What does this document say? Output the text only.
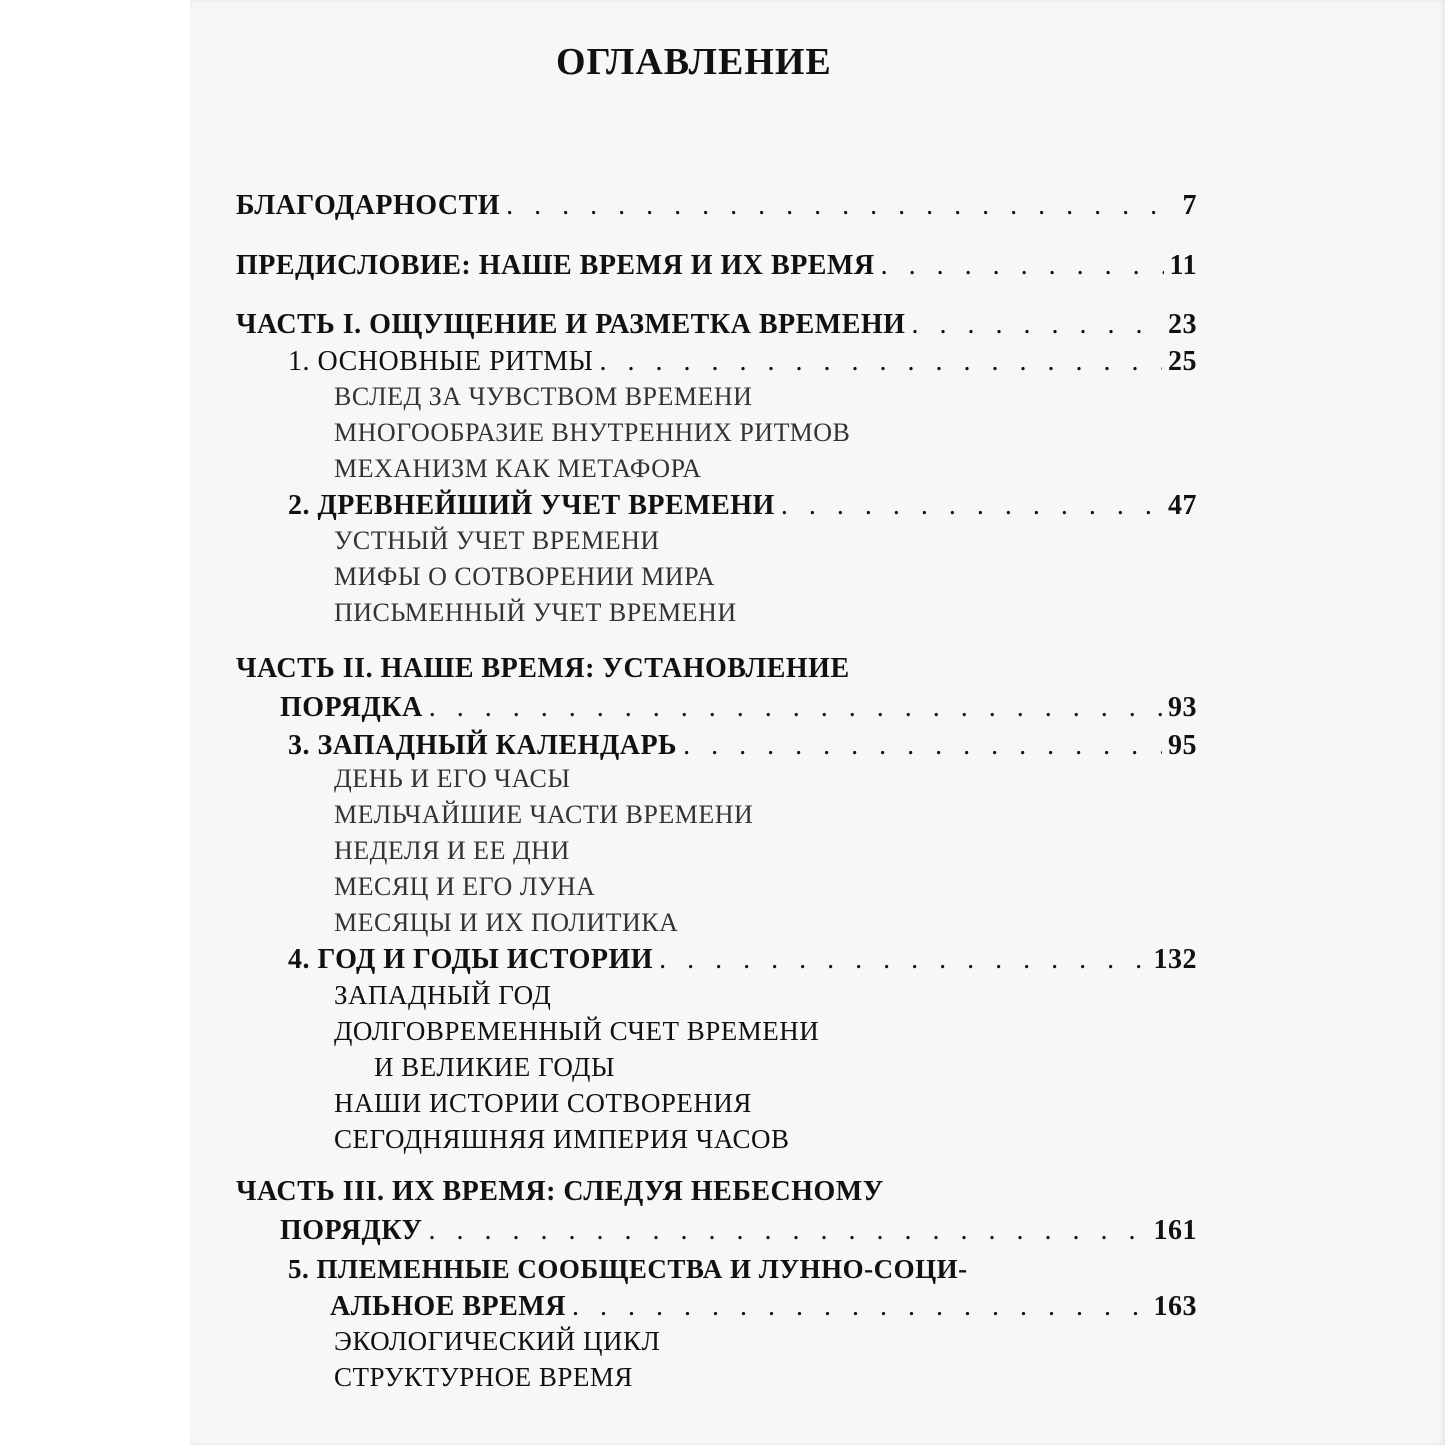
ОГЛАВЛЕНИЕ
БЛАГОДАРНОСТИ . . .	7
ПРЕДИСЛОВИЕ: НАШЕ ВРЕМЯ И ИХ ВРЕМЯ . . .	11
ЧАСТЬ I. ОЩУЩЕНИЕ И РАЗМЕТКА ВРЕМЕНИ . . .	23
1. ОСНОВНЫЕ РИТМЫ . . .	25
ВСЛЕД ЗА ЧУВСТВОМ ВРЕМЕНИ
МНОГООБРАЗИЕ ВНУТРЕННИХ РИТМОВ
МЕХАНИЗМ КАК МЕТАФОРА
2. ДРЕВНЕЙШИЙ УЧЕТ ВРЕМЕНИ . . .	47
УСТНЫЙ УЧЕТ ВРЕМЕНИ
МИФЫ О СОТВОРЕНИИ МИРА
ПИСЬМЕННЫЙ УЧЕТ ВРЕМЕНИ
ЧАСТЬ II. НАШЕ ВРЕМЯ: УСТАНОВЛЕНИЕ
ПОРЯДКА . . .	93
3. ЗАПАДНЫЙ КАЛЕНДАРЬ . . .	95
ДЕНЬ И ЕГО ЧАСЫ
МЕЛЬЧАЙШИЕ ЧАСТИ ВРЕМЕНИ
НЕДЕЛЯ И ЕЕ ДНИ
МЕСЯЦ И ЕГО ЛУНА
МЕСЯЦЫ И ИХ ПОЛИТИКА
4. ГОД И ГОДЫ ИСТОРИИ . . .	132
ЗАПАДНЫЙ ГОД
ДОЛГОВРЕМЕННЫЙ СЧЕТ ВРЕМЕНИ
И ВЕЛИКИЕ ГОДЫ
НАШИ ИСТОРИИ СОТВОРЕНИЯ
СЕГОДНЯШНЯЯ ИМПЕРИЯ ЧАСОВ
ЧАСТЬ III. ИХ ВРЕМЯ: СЛЕДУЯ НЕБЕСНОМУ
ПОРЯДКУ . . .	161
5. ПЛЕМЕННЫЕ СООБЩЕСТВА И ЛУННО-СОЦИ-
АЛЬНОЕ ВРЕМЯ . . .	163
ЭКОЛОГИЧЕСКИЙ ЦИКЛ
СТРУКТУРНОЕ ВРЕМЯ
